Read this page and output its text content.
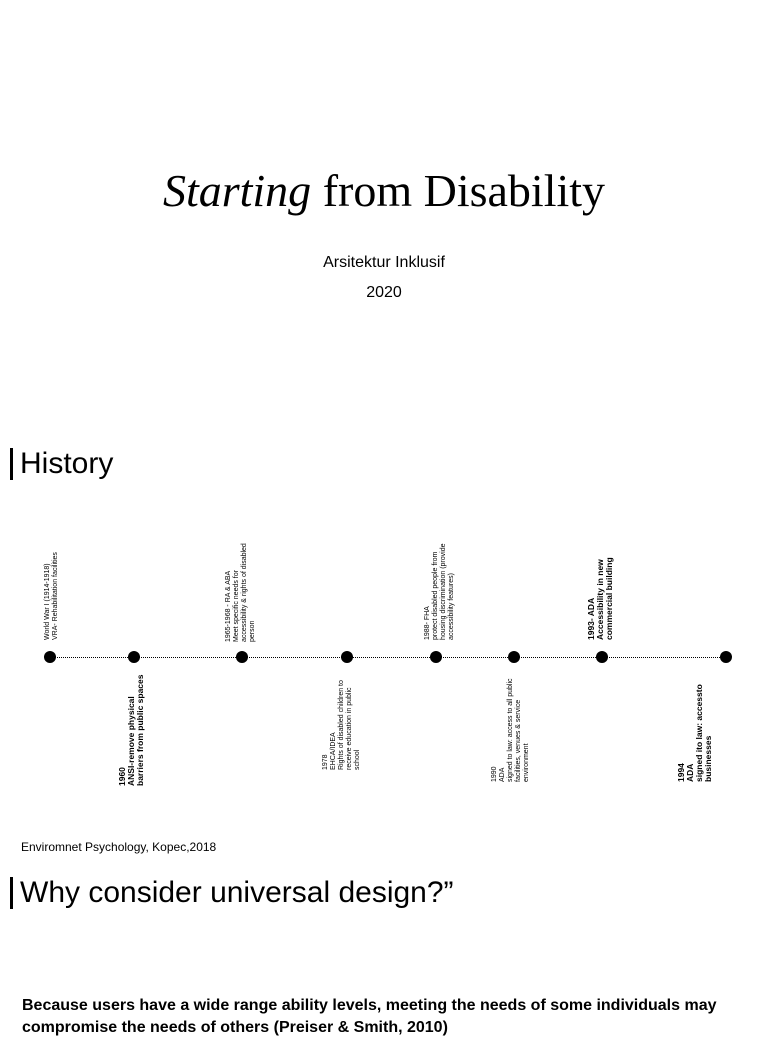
Starting from Disability
Arsitektur Inklusif
2020
History
World War I (1914-1918)
VRA- Rehabilitation facilities
1965-1968 - RA & ABA
Meet specific needs for
accessibility & rights of disabled
person	1988- FHA
protect disabled people from
housing discrimination (provide
accessibility features)
1993- ADA
Accessibility in new
commercial building
1960
ANSI-remove physical
barriers from public spaces
1978
EHCA/IDEA
Rights of disabled children to
receive education in public
school
1990
ADA
signed to law: access to all public
facilities, venues & service
environment	1994
ADA
signed ito law: accessto
businesses
Enviromnet Psychology, Kopec,2018
Why consider universal design?”
Because users have a wide range ability levels, meeting the needs of some individuals may compromise the needs of others (Preiser & Smith, 2010)
